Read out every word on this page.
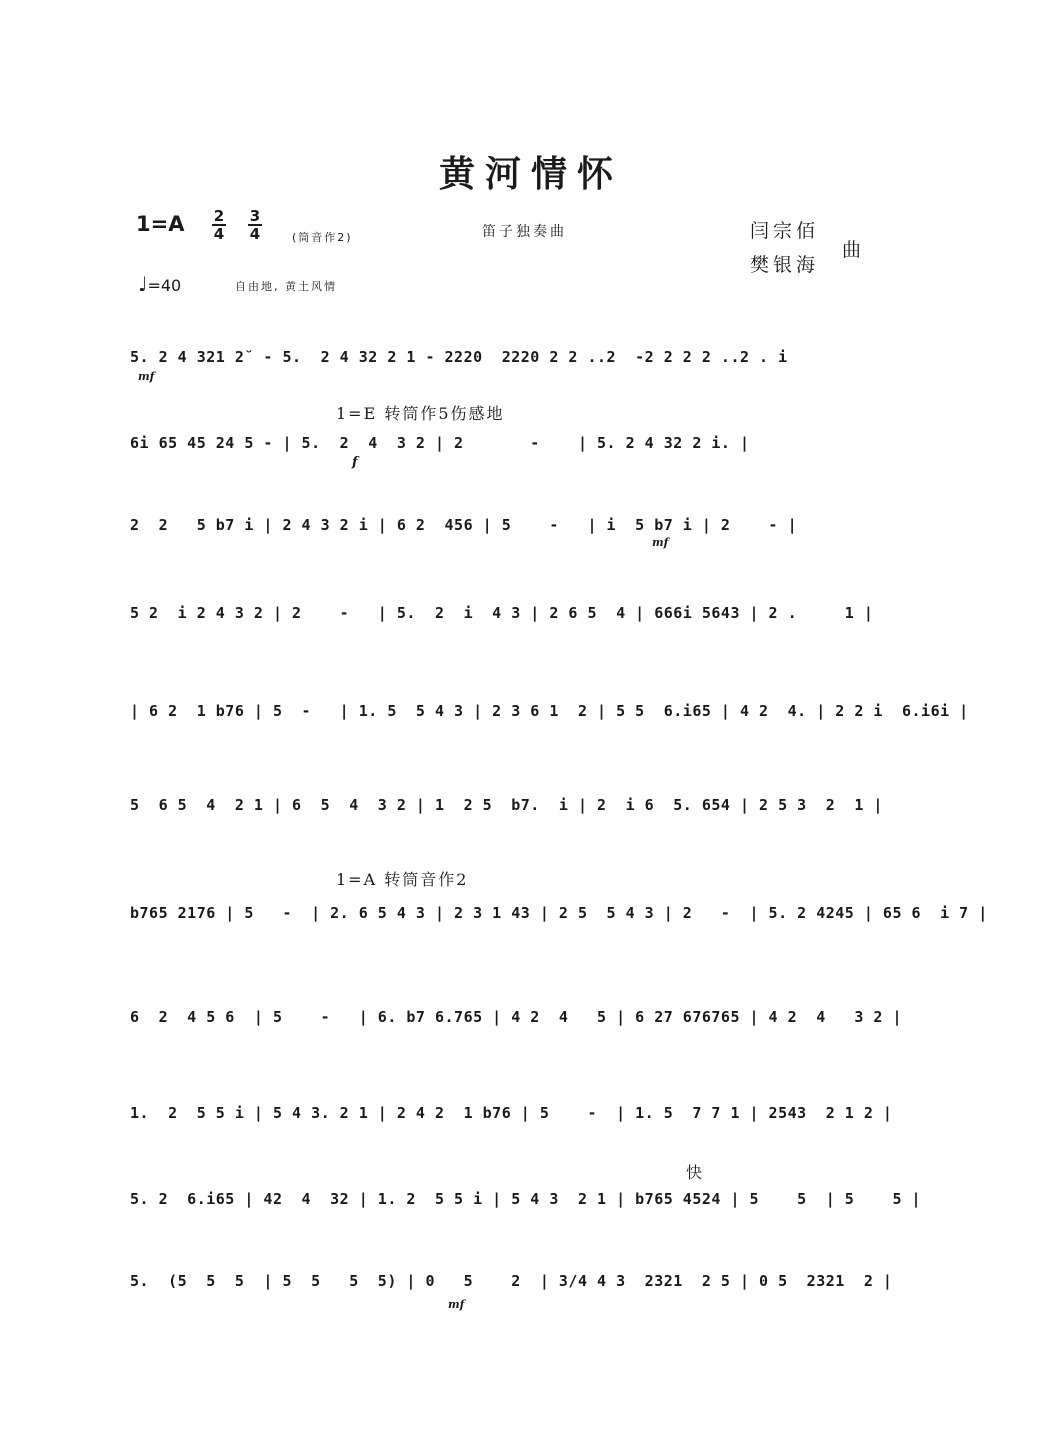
黄河情怀
1=A 2
4
3
4	(筒音作2)	笛子独奏曲	闫宗佰
樊银海
曲
♩=40	自由地, 黄土风情
5. 2 4 321 2˘ - 5.  2 4 32 2 1 - 2220  2220 2 2 ..2  -2 2 2 2 ..2 . i
mf
1=E 转筒作5伤感地
6i 65 45 24 5 - | 5.  2  4  3 2 | 2       -    | 5. 2 4 32 2 i. |
f
2  2   5 b7 i | 2 4 3 2 i | 6 2  456 | 5    -   | i  5 b7 i | 2    - |
mf
5 2  i 2 4 3 2 | 2    -   | 5.  2  i  4 3 | 2 6 5  4 | 666i 5643 | 2 .     1 |
| 6 2  1 b76 | 5  -   | 1. 5  5 4 3 | 2 3 6 1  2 | 5 5  6.i65 | 4 2  4. | 2 2 i  6.i6i |
5  6 5  4  2 1 | 6  5  4  3 2 | 1  2 5  b7.  i | 2  i 6  5. 654 | 2 5 3  2  1 |
1=A 转筒音作2
b765 2176 | 5   -  | 2. 6 5 4 3 | 2 3 1 43 | 2 5  5 4 3 | 2   -  | 5. 2 4245 | 65 6  i 7 |
6  2  4 5 6  | 5    -   | 6. b7 6.765 | 4 2  4   5 | 6 27 676765 | 4 2  4   3 2 |
1.  2  5 5 i | 5 4 3. 2 1 | 2 4 2  1 b76 | 5    -  | 1. 5  7 7 1 | 2543  2 1 2 |
快
5. 2  6.i65 | 42  4  32 | 1. 2  5 5 i | 5 4 3  2 1 | b765 4524 | 5    5  | 5    5 |
5.  (5  5  5  | 5  5   5  5) | 0   5    2  | 3/4 4 3  2321  2 5 | 0 5  2321  2 |
mf
